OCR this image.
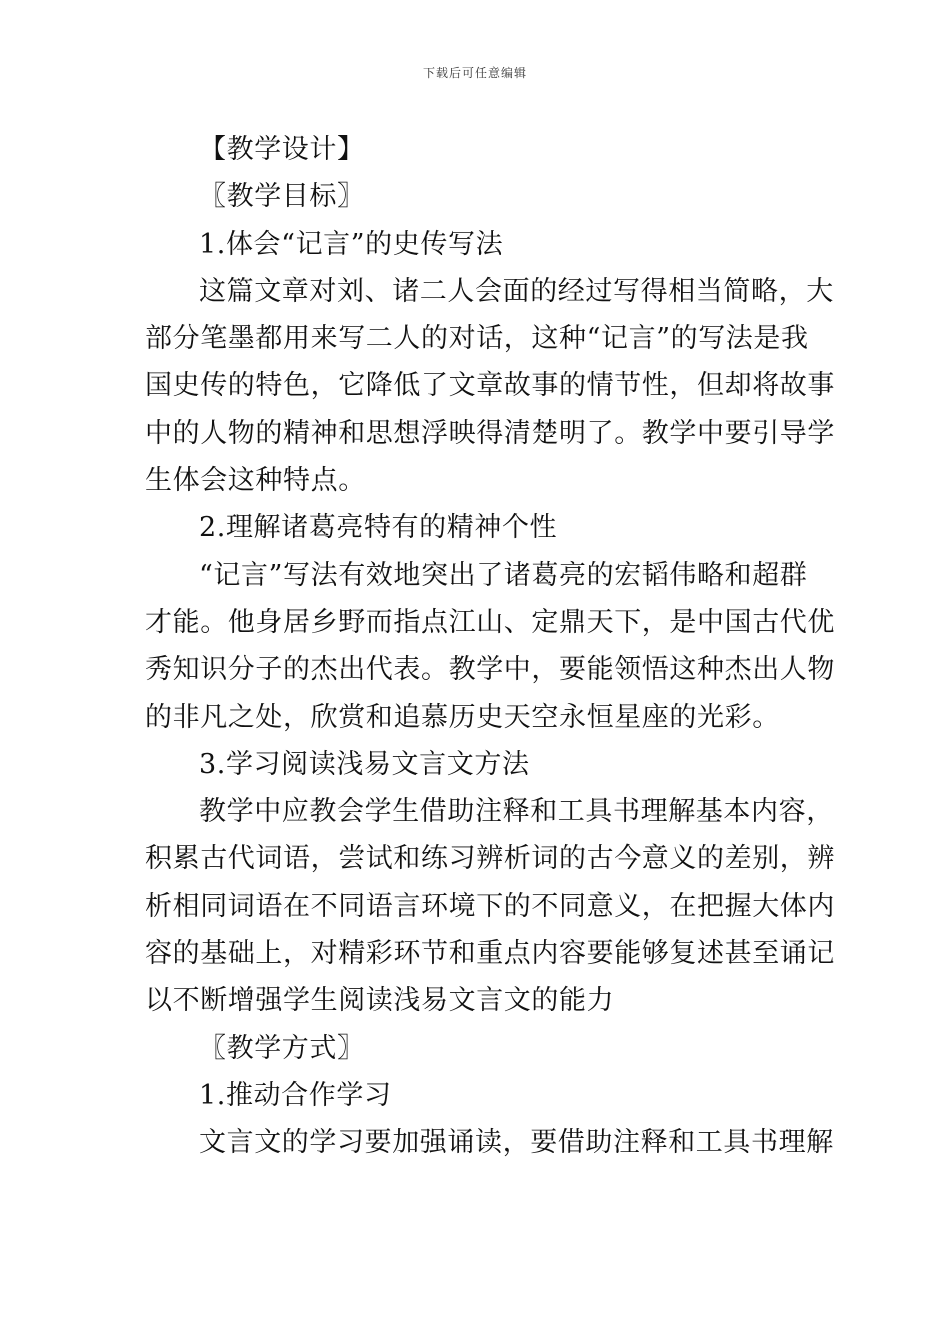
下载后可任意编辑
【教学设计】
〖教学目标〗
1.体会“记言”的史传写法
这篇文章对刘、诸二人会面的经过写得相当简略，大
部分笔墨都用来写二人的对话，这种“记言”的写法是我
国史传的特色，它降低了文章故事的情节性，但却将故事
中的人物的精神和思想浮映得清楚明了。教学中要引导学
生体会这种特点。
2.理解诸葛亮特有的精神个性
“记言”写法有效地突出了诸葛亮的宏韬伟略和超群
才能。他身居乡野而指点江山、定鼎天下，是中国古代优
秀知识分子的杰出代表。教学中，要能领悟这种杰出人物
的非凡之处，欣赏和追慕历史天空永恒星座的光彩。
3.学习阅读浅易文言文方法
教学中应教会学生借助注释和工具书理解基本内容，
积累古代词语，尝试和练习辨析词的古今意义的差别，辨
析相同词语在不同语言环境下的不同意义，在把握大体内
容的基础上，对精彩环节和重点内容要能够复述甚至诵记
以不断增强学生阅读浅易文言文的能力
〖教学方式〗
1.推动合作学习
文言文的学习要加强诵读，要借助注释和工具书理解
